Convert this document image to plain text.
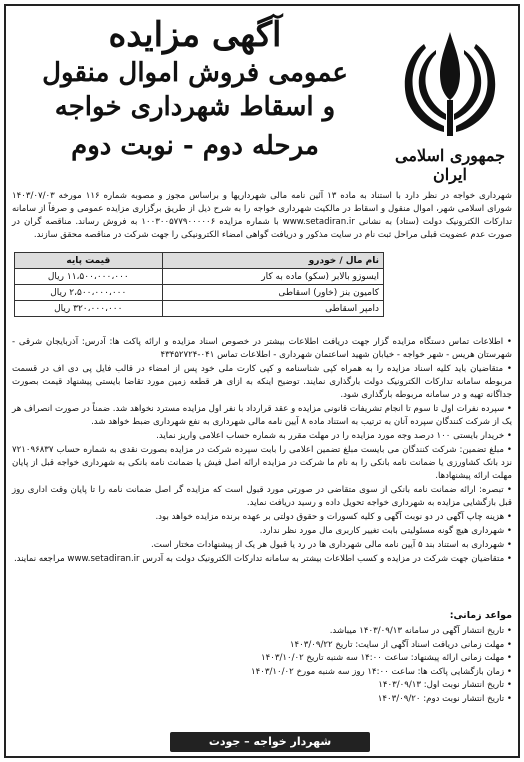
آگهی مزایده
عمومی فروش اموال منقول
و اسقاط شهرداری خواجه
مرحله دوم - نوبت دوم	جمهوری اسلامی ایران
شهرداری خواجه در نظر دارد با استناد به ماده ۱۳ آئین نامه مالی شهرداریها و براساس مجوز و مصوبه شماره ۱۱۶ مورخه ۱۴۰۳/۰۷/۰۳ شورای اسلامی شهر، اموال منقول و اسقاط در مالکیت شهرداری خواجه را به شرح ذیل از طریق برگزاری مزایده عمومی و صرفاً از سامانه تدارکات الکترونیک دولت (ستاد) به نشانی www.setadiran.ir با شماره مزایده ۱۰۰۳۰۰۵۷۷۹۰۰۰۰۰۶ به فروش رساند. مناقصه گران در صورت عدم عضویت قبلی مراحل ثبت نام در سایت مذکور و دریافت گواهی امضاء الکترونیکی را جهت شرکت در مناقصه محقق سازند.
نام مال / خودرو	قیمت پایه
ایسوزو بالابر (سکو) ماده به کار	۱۱،۵۰۰،۰۰۰،۰۰۰ ریال
کامیون بنز (خاور) اسقاطی	۲،۵۰۰،۰۰۰،۰۰۰ ریال
دامپر اسقاطی	۳۲۰،۰۰۰،۰۰۰ ریال

• اطلاعات تماس دستگاه مزایده گزار جهت دریافت اطلاعات بیشتر در خصوص اسناد مزایده و ارائه پاکت ها: آدرس: آذربایجان شرقی - شهرستان هریس - شهر خواجه - خیابان شهید اساعتمان شهرداری - اطلاعات تماس ۰۴۱-۴۳۴۵۲۷۲۴

• متقاضیان باید کلیه اسناد مزایده را به همراه کپی شناسنامه و کپی کارت ملی خود پس از امضاء در قالب فایل پی دی اف در قسمت مربوطه سامانه تدارکات الکترونیک دولت بارگذاری نمایند. توضیح اینکه به ازای هر قطعه زمین مورد تقاضا بایستی پیشنهاد قیمت بصورت جداگانه تهیه و در سامانه مربوطه بارگذاری شود.

• سپرده نفرات اول تا سوم تا انجام تشریفات قانونی مزایده و عقد قرارداد با نفر اول مزایده مسترد نخواهد شد. ضمناً در صورت انصراف هر یک از شرکت کنندگان سپرده آنان به ترتیب به استناد ماده ۸ آیین نامه مالی شهرداری به نفع شهرداری ضبط خواهد شد.

• خریدار بایستی ۱۰۰ درصد وجه مورد مزایده را در مهلت مقرر به شماره حساب اعلامی واریز نماید.

• مبلغ تضمین: شرکت کنندگان می بایست مبلغ تضمین اعلامی را بابت سپرده شرکت در مزایده بصورت نقدی به شماره حساب ۷۲۱۰۹۶۸۳۷ نزد بانک کشاورزی یا ضمانت نامه بانکی را به نام ما شرکت در مزایده ارائه اصل فیش یا ضمانت نامه بانکی به شهرداری خواجه قبل از پایان مهلت ارائه پیشنهادها.

• تبصره: ارائه ضمانت نامه بانکی از سوی متقاضی در صورتی مورد قبول است که مزایده گر اصل ضمانت نامه را تا پایان وقت اداری روز قبل بازگشایی مزایده به شهرداری خواجه تحویل داده و رسید دریافت نماید.

• هزینه چاپ آگهی در دو نوبت آگهی و کلیه کسورات و حقوق دولتی بر عهده برنده مزایده خواهد بود.

• شهرداری هیچ گونه مسئولیتی بابت تغییر کاربری مال مورد نظر ندارد.

• شهرداری به استناد بند ۵ آیین نامه مالی شهرداری ها در رد یا قبول هر یک از پیشنهادات مختار است.

• متقاضیان جهت شرکت در مزایده و کسب اطلاعات بیشتر به سامانه تدارکات الکترونیک دولت به آدرس www.setadiran.ir مراجعه نمایند.

مواعد زمانی:
• تاریخ انتشار آگهی در سامانه ۱۴۰۳/۰۹/۱۳ میباشد.
• مهلت زمانی دریافت اسناد آگهی از سایت: تاریخ ۱۴۰۳/۰۹/۲۲
• مهلت زمانی ارائه پیشنهاد: ساعت ۱۴:۰۰ سه شنبه تاریخ ۱۴۰۳/۱۰/۰۲
• زمان بازگشایی پاکت ها: ساعت ۱۴:۰۰ روز سه شنبه مورخ ۱۴۰۳/۱۰/۰۲
• تاریخ انتشار نوبت اول: ۱۴۰۳/۰۹/۱۳
• تاریخ انتشار نوبت دوم: ۱۴۰۳/۰۹/۲۰
شهردار خواجه – جودت
